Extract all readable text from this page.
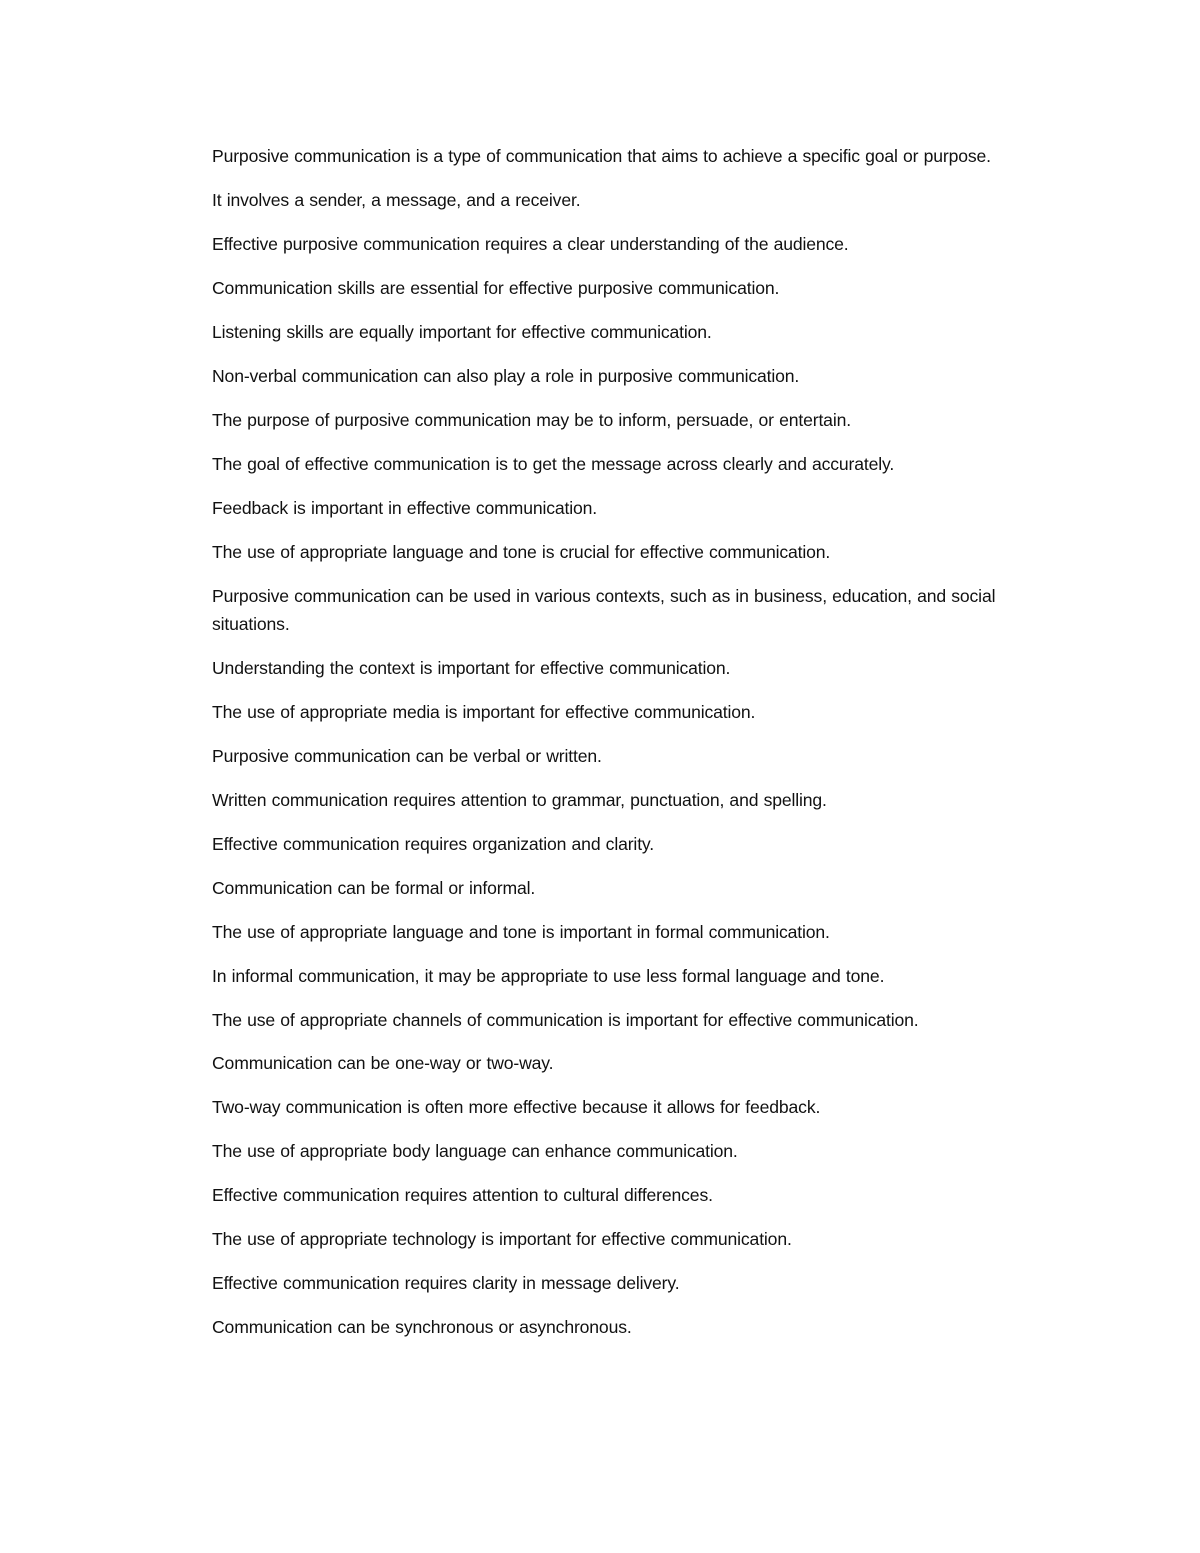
Purposive communication is a type of communication that aims to achieve a specific goal or purpose.

It involves a sender, a message, and a receiver.

Effective purposive communication requires a clear understanding of the audience.

Communication skills are essential for effective purposive communication.

Listening skills are equally important for effective communication.

Non-verbal communication can also play a role in purposive communication.

The purpose of purposive communication may be to inform, persuade, or entertain.

The goal of effective communication is to get the message across clearly and accurately.

Feedback is important in effective communication.

The use of appropriate language and tone is crucial for effective communication.

Purposive communication can be used in various contexts, such as in business, education, and social situations.

Understanding the context is important for effective communication.

The use of appropriate media is important for effective communication.

Purposive communication can be verbal or written.

Written communication requires attention to grammar, punctuation, and spelling.

Effective communication requires organization and clarity.

Communication can be formal or informal.

The use of appropriate language and tone is important in formal communication.

In informal communication, it may be appropriate to use less formal language and tone.

The use of appropriate channels of communication is important for effective communication.

Communication can be one-way or two-way.

Two-way communication is often more effective because it allows for feedback.

The use of appropriate body language can enhance communication.

Effective communication requires attention to cultural differences.

The use of appropriate technology is important for effective communication.

Effective communication requires clarity in message delivery.

Communication can be synchronous or asynchronous.
